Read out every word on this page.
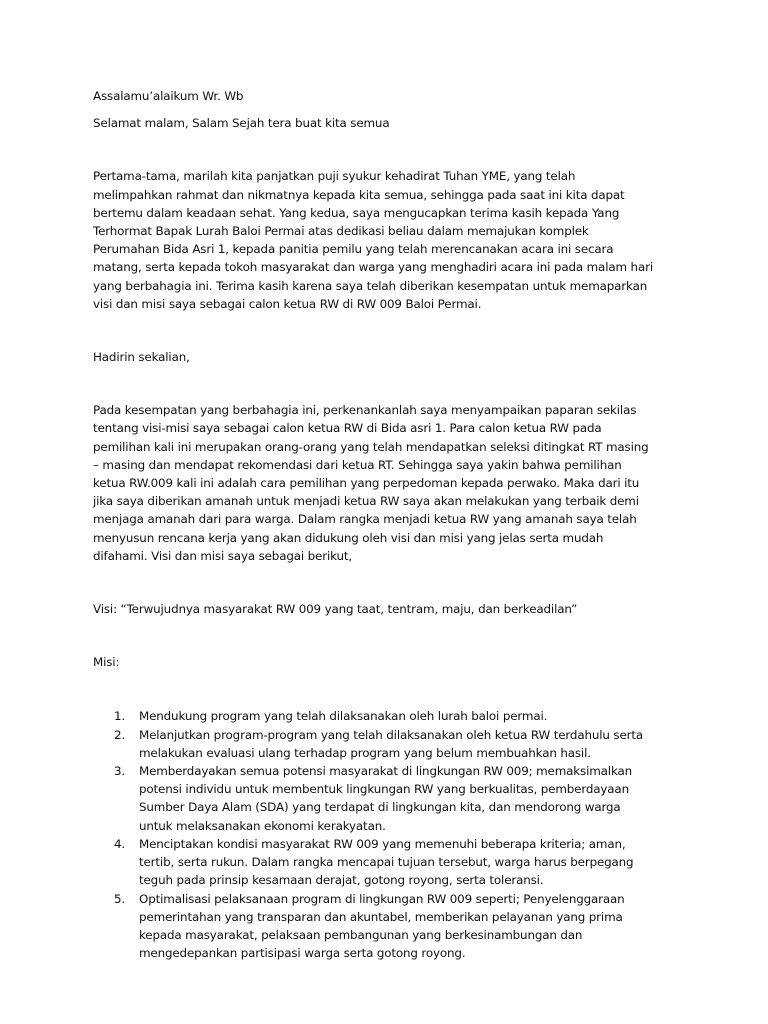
Assalamu’alaikum Wr. Wb

Selamat malam, Salam Sejah tera buat kita semua

Pertama-tama, marilah kita panjatkan puji syukur kehadirat Tuhan YME, yang telah melimpahkan rahmat dan nikmatnya kepada kita semua, sehingga pada saat ini kita dapat bertemu dalam keadaan sehat. Yang kedua, saya mengucapkan terima kasih kepada Yang Terhormat Bapak Lurah Baloi Permai atas dedikasi beliau dalam memajukan komplek Perumahan Bida Asri 1, kepada panitia pemilu yang telah merencanakan acara ini secara matang, serta kepada tokoh masyarakat dan warga yang menghadiri acara ini pada malam hari yang berbahagia ini. Terima kasih karena saya telah diberikan kesempatan untuk memaparkan visi dan misi saya sebagai calon ketua RW di RW 009 Baloi Permai.

Hadirin sekalian,

Pada kesempatan yang berbahagia ini, perkenankanlah saya menyampaikan paparan sekilas tentang visi-misi saya sebagai calon ketua RW di Bida asri 1. Para calon ketua RW pada pemilihan kali ini merupakan orang-orang yang telah mendapatkan seleksi ditingkat RT masing – masing dan mendapat rekomendasi dari ketua RT. Sehingga saya yakin bahwa pemilihan ketua RW.009 kali ini adalah cara pemilihan yang perpedoman kepada perwako. Maka dari itu jika saya diberikan amanah untuk menjadi ketua RW saya akan melakukan yang terbaik demi menjaga amanah dari para warga. Dalam rangka menjadi ketua RW yang amanah saya telah menyusun rencana kerja yang akan didukung oleh visi dan misi yang jelas serta mudah difahami. Visi dan misi saya sebagai berikut,

Visi: “Terwujudnya masyarakat RW 009 yang taat, tentram, maju, dan berkeadilan”

Misi:

1.	Mendukung program yang telah dilaksanakan oleh lurah baloi permai.
2.	Melanjutkan program-program yang telah dilaksanakan oleh ketua RW terdahulu serta melakukan evaluasi ulang terhadap program yang belum membuahkan hasil.
3.	Memberdayakan semua potensi masyarakat di lingkungan RW 009; memaksimalkan potensi individu untuk membentuk lingkungan RW yang berkualitas, pemberdayaan Sumber Daya Alam (SDA) yang terdapat di lingkungan kita, dan mendorong warga untuk melaksanakan ekonomi kerakyatan.
4.	Menciptakan kondisi masyarakat RW 009 yang memenuhi beberapa kriteria; aman, tertib, serta rukun. Dalam rangka mencapai tujuan tersebut, warga harus berpegang teguh pada prinsip kesamaan derajat, gotong royong, serta toleransi.
5.	Optimalisasi pelaksanaan program di lingkungan RW 009 seperti; Penyelenggaraan pemerintahan yang transparan dan akuntabel, memberikan pelayanan yang prima kepada masyarakat, pelaksaan pembangunan yang berkesinambungan dan mengedepankan partisipasi warga serta gotong royong.
